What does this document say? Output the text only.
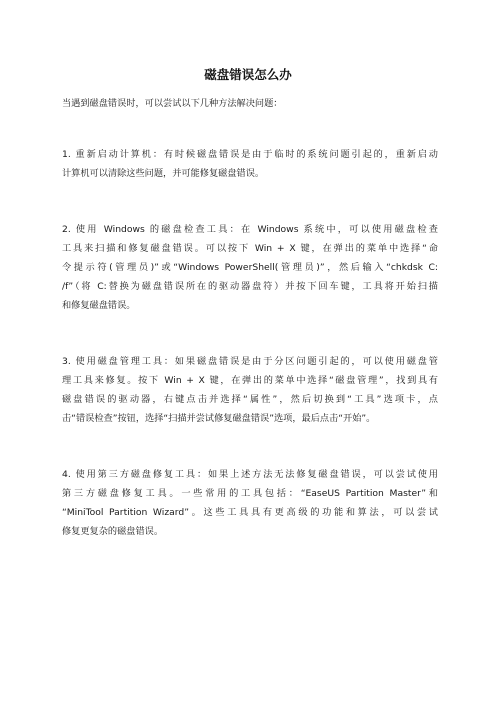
磁盘错误怎么办
当遇到磁盘错误时，可以尝试以下几种方法解决问题：
1. 重新启动计算机：有时候磁盘错误是由于临时的系统问题引起的，重新启动
计算机可以清除这些问题，并可能修复磁盘错误。
2. 使用 Windows 的磁盘检查工具：在 Windows 系统中，可以使用磁盘检查
工具来扫描和修复磁盘错误。可以按下 Win + X 键，在弹出的菜单中选择“命
令提示符(管理员)”或“Windows PowerShell(管理员)”，然后输入“chkdsk C:
/f”（将 C:替换为磁盘错误所在的驱动器盘符）并按下回车键，工具将开始扫描
和修复磁盘错误。
3. 使用磁盘管理工具：如果磁盘错误是由于分区问题引起的，可以使用磁盘管
理工具来修复。按下 Win + X 键，在弹出的菜单中选择“磁盘管理”，找到具有
磁盘错误的驱动器，右键点击并选择“属性”，然后切换到“工具”选项卡，点
击“错误检查”按钮，选择“扫描并尝试修复磁盘错误”选项，最后点击“开始”。
4. 使用第三方磁盘修复工具：如果上述方法无法修复磁盘错误，可以尝试使用
第三方磁盘修复工具。一些常用的工具包括：“EaseUS Partition Master”和
“MiniTool Partition Wizard”。这些工具具有更高级的功能和算法，可以尝试
修复更复杂的磁盘错误。
